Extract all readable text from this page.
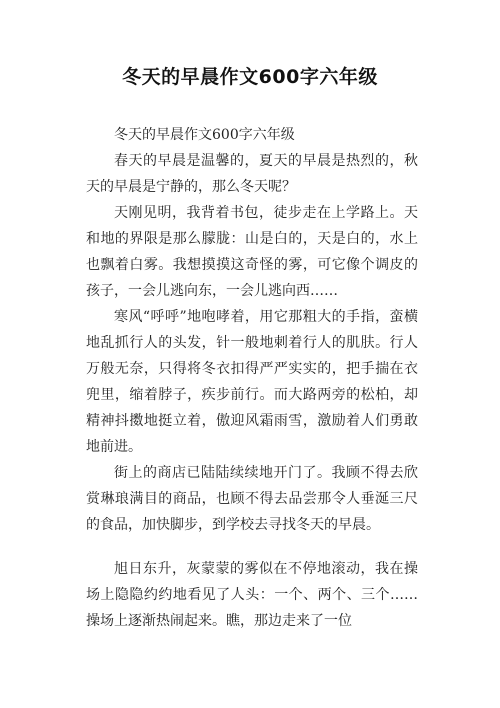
冬天的早晨作文600字六年级

冬天的早晨作文600字六年级

春天的早晨是温馨的，夏天的早晨是热烈的，秋天的早晨是宁静的，那么冬天呢？

天刚见明，我背着书包，徒步走在上学路上。天和地的界限是那么朦胧：山是白的，天是白的，水上也飘着白雾。我想摸摸这奇怪的雾，可它像个调皮的孩子，一会儿逃向东，一会儿逃向西……

寒风“呼呼”地咆哮着，用它那粗大的手指，蛮横地乱抓行人的头发，针一般地刺着行人的肌肤。行人万般无奈，只得将冬衣扣得严严实实的，把手揣在衣兜里，缩着脖子，疾步前行。而大路两旁的松柏，却精神抖擞地挺立着，傲迎风霜雨雪，激励着人们勇敢地前进。

街上的商店已陆陆续续地开门了。我顾不得去欣赏琳琅满目的商品，也顾不得去品尝那令人垂涎三尺的食品，加快脚步，到学校去寻找冬天的早晨。

旭日东升，灰蒙蒙的雾似在不停地滚动，我在操场上隐隐约约地看见了人头：一个、两个、三个……操场上逐渐热闹起来。瞧，那边走来了一位
